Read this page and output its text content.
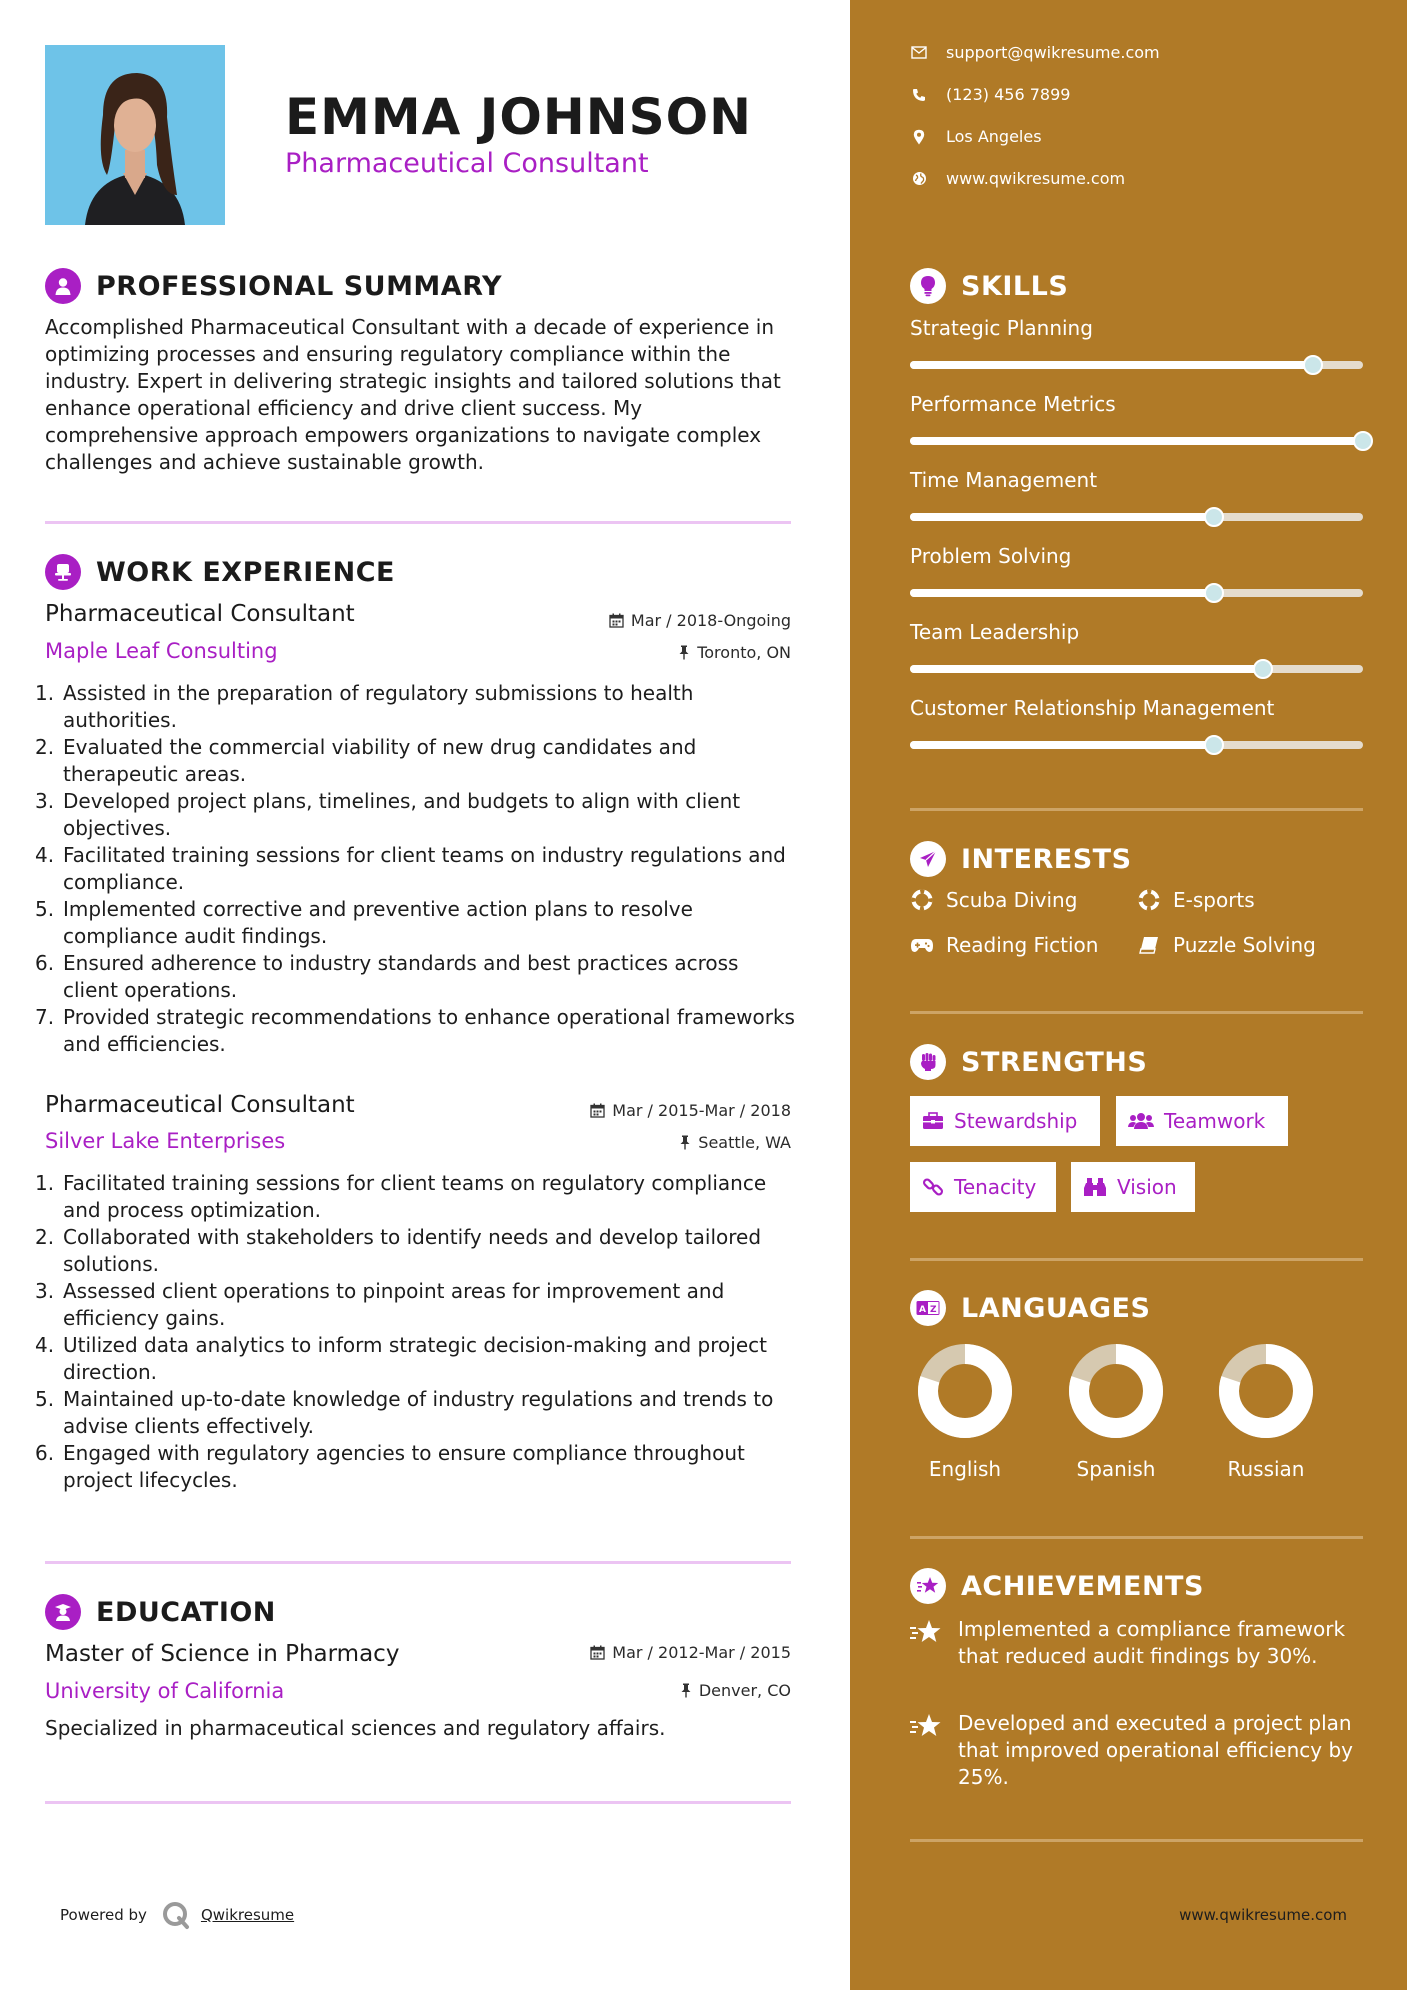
EMMA JOHNSON
Pharmaceutical Consultant
PROFESSIONAL SUMMARY
Accomplished Pharmaceutical Consultant with a decade of experience in optimizing processes and ensuring regulatory compliance within the industry. Expert in delivering strategic insights and tailored solutions that enhance operational efficiency and drive client success. My comprehensive approach empowers organizations to navigate complex challenges and achieve sustainable growth.
WORK EXPERIENCE
Pharmaceutical Consultant	Mar / 2018-Ongoing
Maple Leaf Consulting	Toronto, ON
1. Assisted in the preparation of regulatory submissions to health authorities.
2. Evaluated the commercial viability of new drug candidates and therapeutic areas.
3. Developed project plans, timelines, and budgets to align with client objectives.
4. Facilitated training sessions for client teams on industry regulations and compliance.
5. Implemented corrective and preventive action plans to resolve compliance audit findings.
6. Ensured adherence to industry standards and best practices across client operations.
7. Provided strategic recommendations to enhance operational frameworks and efficiencies.
Pharmaceutical Consultant	Mar / 2015-Mar / 2018
Silver Lake Enterprises	Seattle, WA
1. Facilitated training sessions for client teams on regulatory compliance and process optimization.
2. Collaborated with stakeholders to identify needs and develop tailored solutions.
3. Assessed client operations to pinpoint areas for improvement and efficiency gains.
4. Utilized data analytics to inform strategic decision-making and project direction.
5. Maintained up-to-date knowledge of industry regulations and trends to advise clients effectively.
6. Engaged with regulatory agencies to ensure compliance throughout project lifecycles.
EDUCATION
Master of Science in Pharmacy	Mar / 2012-Mar / 2015
University of California	Denver, CO
Specialized in pharmaceutical sciences and regulatory affairs.
Powered by	Qwikresume
support@qwikresume.com
(123) 456 7899
Los Angeles
www.qwikresume.com
SKILLS
Strategic Planning
Performance Metrics
Time Management
Problem Solving
Team Leadership
Customer Relationship Management
INTERESTS
Scuba Diving	E-sports
Reading Fiction	Puzzle Solving
STRENGTHS
Stewardship	Teamwork
Tenacity	Vision
A Z LANGUAGES
English	Spanish	Russian
ACHIEVEMENTS
Implemented a compliance framework that reduced audit findings by 30%.
Developed and executed a project plan that improved operational efficiency by 25%.
www.qwikresume.com
